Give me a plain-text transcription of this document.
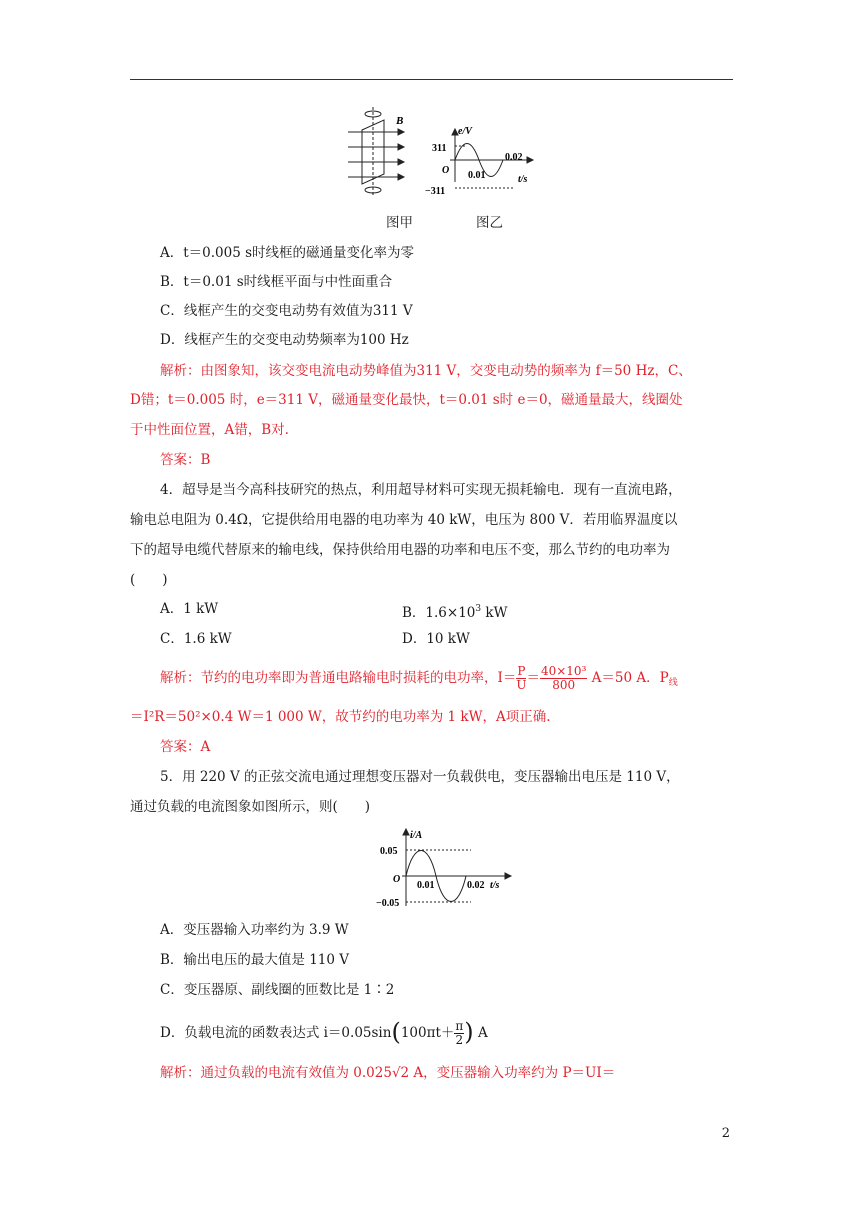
B
e/V
311
O 0.01
0.02
−311
t/s
图甲	图乙
A．t＝0.005 s时线框的磁通量变化率为零
B．t＝0.01 s时线框平面与中性面重合
C．线框产生的交变电动势有效值为311 V
D．线框产生的交变电动势频率为100 Hz
解析：由图象知，该交变电流电动势峰值为311 V，交变电动势的频率为 f＝50 Hz，C、
D错；t＝0.005 时，e＝311 V，磁通量变化最快，t＝0.01 s时 e＝0，磁通量最大，线圈处
于中性面位置，A错，B对.
答案：B
4．超导是当今高科技研究的热点，利用超导材料可实现无损耗输电．现有一直流电路，
输电总电阻为 0.4Ω，它提供给用电器的电功率为 40 kW，电压为 800 V．若用临界温度以
下的超导电缆代替原来的输电线，保持供给用电器的功率和电压不变，那么节约的电功率为
(　　)
A．1 kW	B．$1.6\times 10^3$ kW
C．1.6 kW	D．10 kW
解析：节约的电功率即为普通电路输电时损耗的电功率，$I= \frac{P}{U} = \frac{\text{40×10³}}{800} A=50$ A．$P_线$
＝I²R＝50²×0.4 W＝1 000 W，故节约的电功率为 1 kW，A项正确.
答案：A
5．用 220 V 的正弦交流电通过理想变压器对一负载供电，变压器输出电压是 110 V，
通过负载的电流图象如图所示，则(　　)
i/A
0.05
O
0.01	0.02 t/s
−0.05
A．变压器输入功率约为 3.9 W
B．输出电压的最大值是 110 V
C．变压器原、副线圈的匝数比是 1∶2
D．负载电流的函数表达式 $i=0.05\sin(100\pi t+ \frac{\pi}{2}$ ) A
解析：通过负载的电流有效值为 0.025√2 A，变压器输入功率约为 P＝UI＝
2
